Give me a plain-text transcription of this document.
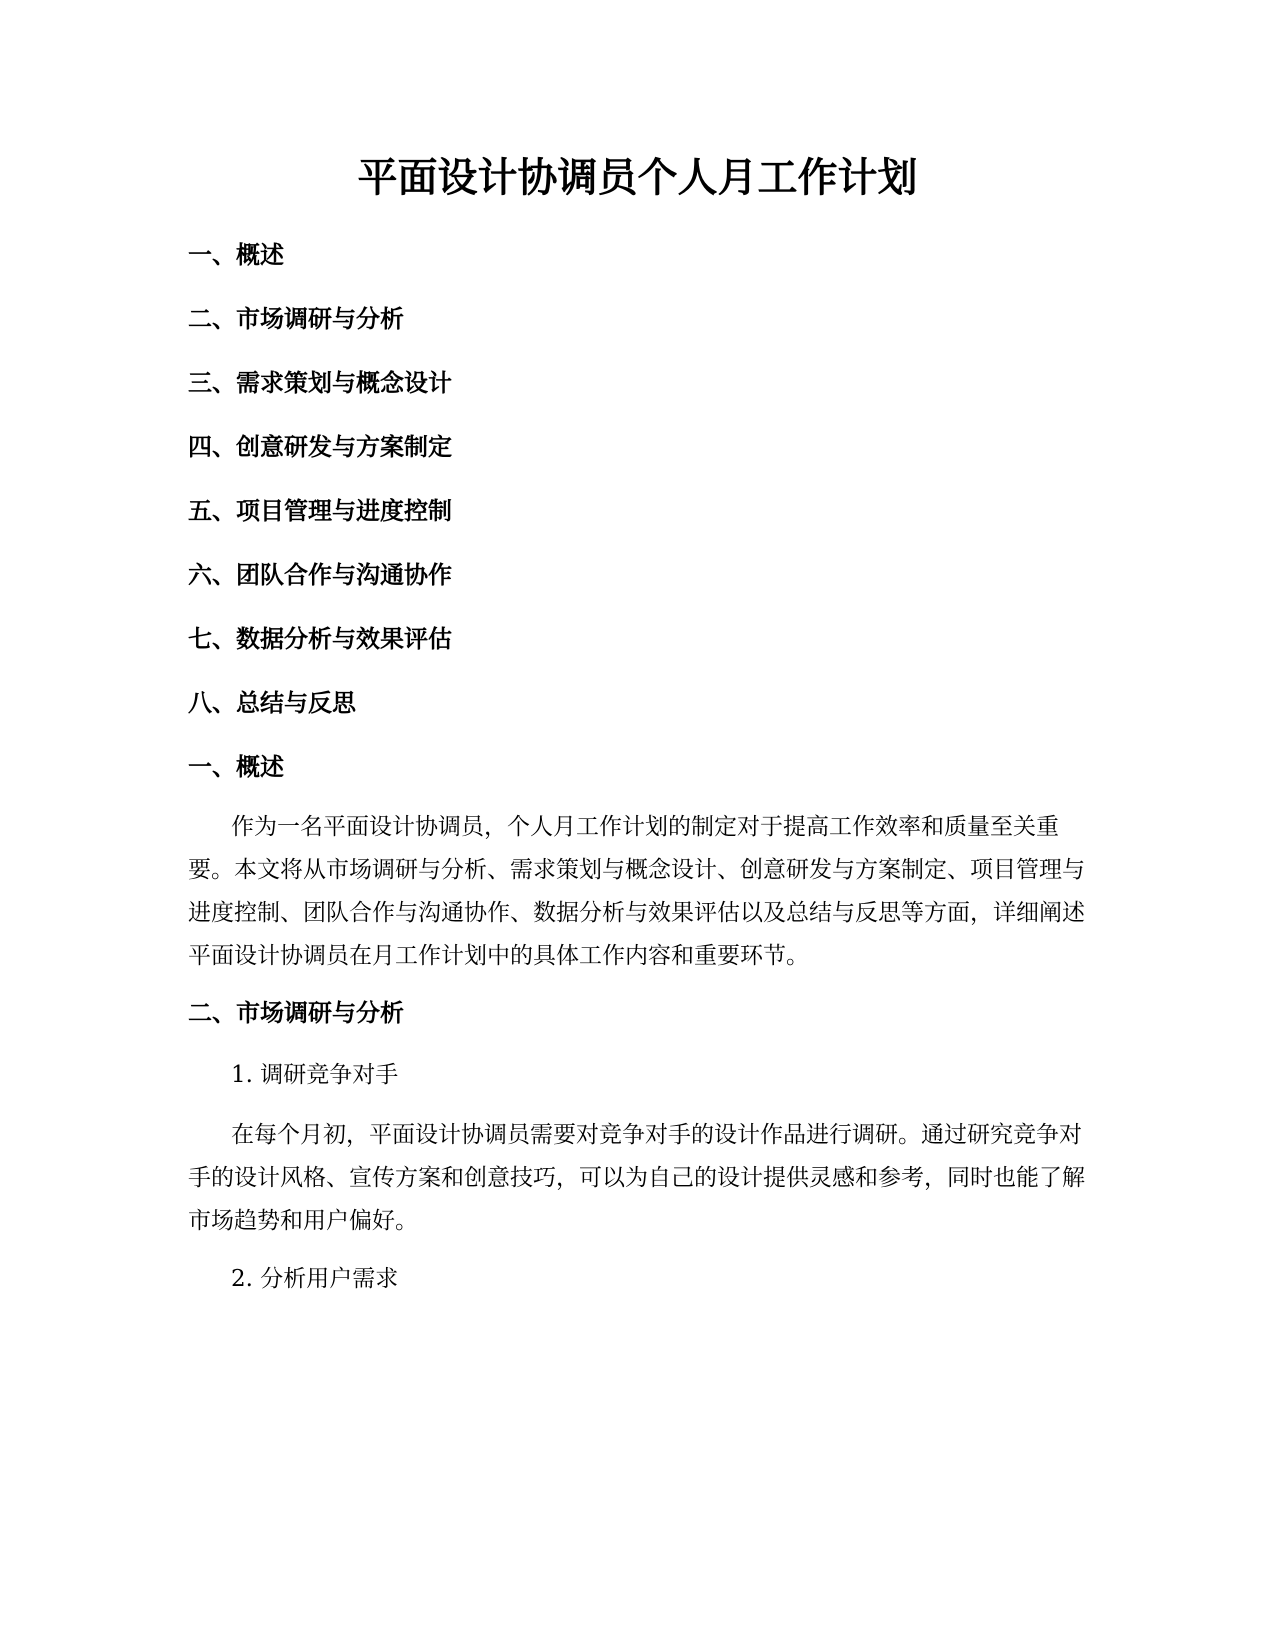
平面设计协调员个人月工作计划
一、概述
二、市场调研与分析
三、需求策划与概念设计
四、创意研发与方案制定
五、项目管理与进度控制
六、团队合作与沟通协作
七、数据分析与效果评估
八、总结与反思
一、概述

作为一名平面设计协调员，个人月工作计划的制定对于提高工作效率和质量至关重要。本文将从市场调研与分析、需求策划与概念设计、创意研发与方案制定、项目管理与进度控制、团队合作与沟通协作、数据分析与效果评估以及总结与反思等方面，详细阐述平面设计协调员在月工作计划中的具体工作内容和重要环节。

二、市场调研与分析

1. 调研竞争对手

在每个月初，平面设计协调员需要对竞争对手的设计作品进行调研。通过研究竞争对手的设计风格、宣传方案和创意技巧，可以为自己的设计提供灵感和参考，同时也能了解市场趋势和用户偏好。

2. 分析用户需求
